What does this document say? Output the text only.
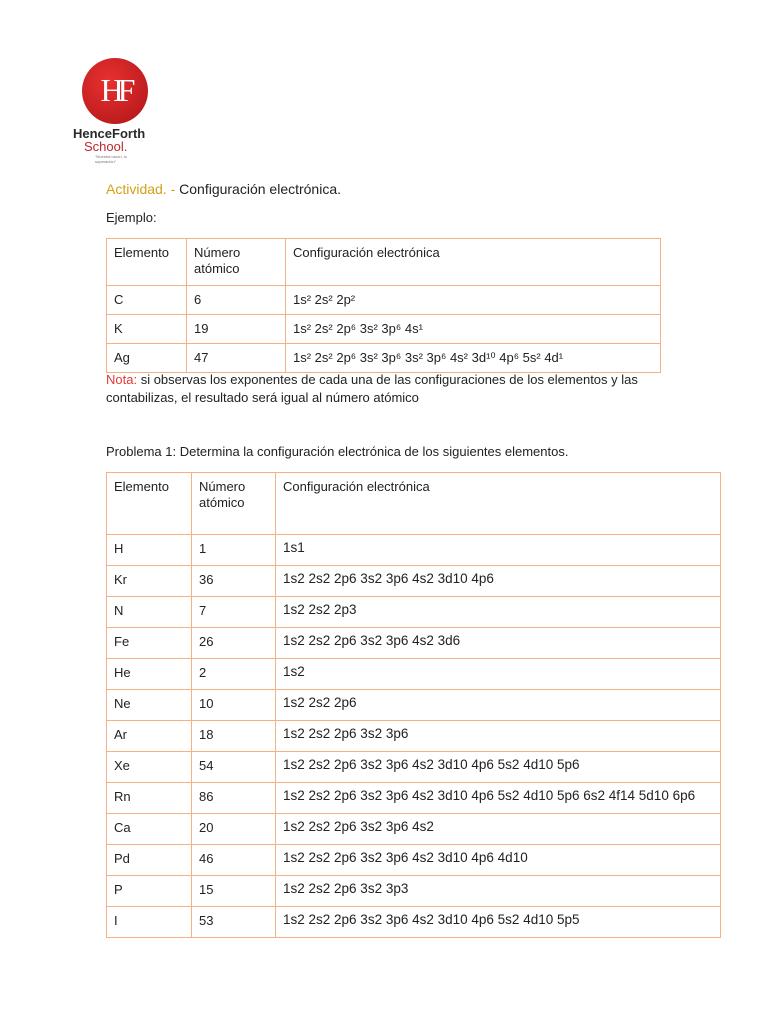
HF
HenceForth
School.
"Nuestra razón, tu superación"
Actividad. - Configuración electrónica.
Ejemplo:
Elemento	Número atómico	Configuración electrónica
C	6	1s² 2s² 2p²
K	19	1s² 2s² 2p⁶ 3s² 3p⁶ 4s¹
Ag	47	1s² 2s² 2p⁶ 3s² 3p⁶ 3s² 3p⁶ 4s² 3d¹⁰ 4p⁶ 5s² 4d¹
Nota: si observas los exponentes de cada una de las configuraciones de los elementos y las contabilizas, el resultado será igual al número atómico
Problema 1: Determina la configuración electrónica de los siguientes elementos.
Elemento	Número atómico	Configuración electrónica
H	1	1s1
Kr	36	1s2 2s2 2p6 3s2 3p6 4s2 3d10 4p6
N	7	1s2 2s2 2p3
Fe	26	1s2 2s2 2p6 3s2 3p6 4s2 3d6
He	2	1s2
Ne	10	1s2 2s2 2p6
Ar	18	1s2 2s2 2p6 3s2 3p6
Xe	54	1s2 2s2 2p6 3s2 3p6 4s2 3d10 4p6 5s2 4d10 5p6
Rn	86	1s2 2s2 2p6 3s2 3p6 4s2 3d10 4p6 5s2 4d10 5p6 6s2 4f14 5d10 6p6
Ca	20	1s2 2s2 2p6 3s2 3p6 4s2
Pd	46	1s2 2s2 2p6 3s2 3p6 4s2 3d10 4p6 4d10
P	15	1s2 2s2 2p6 3s2 3p3
I	53	1s2 2s2 2p6 3s2 3p6 4s2 3d10 4p6 5s2 4d10 5p5
